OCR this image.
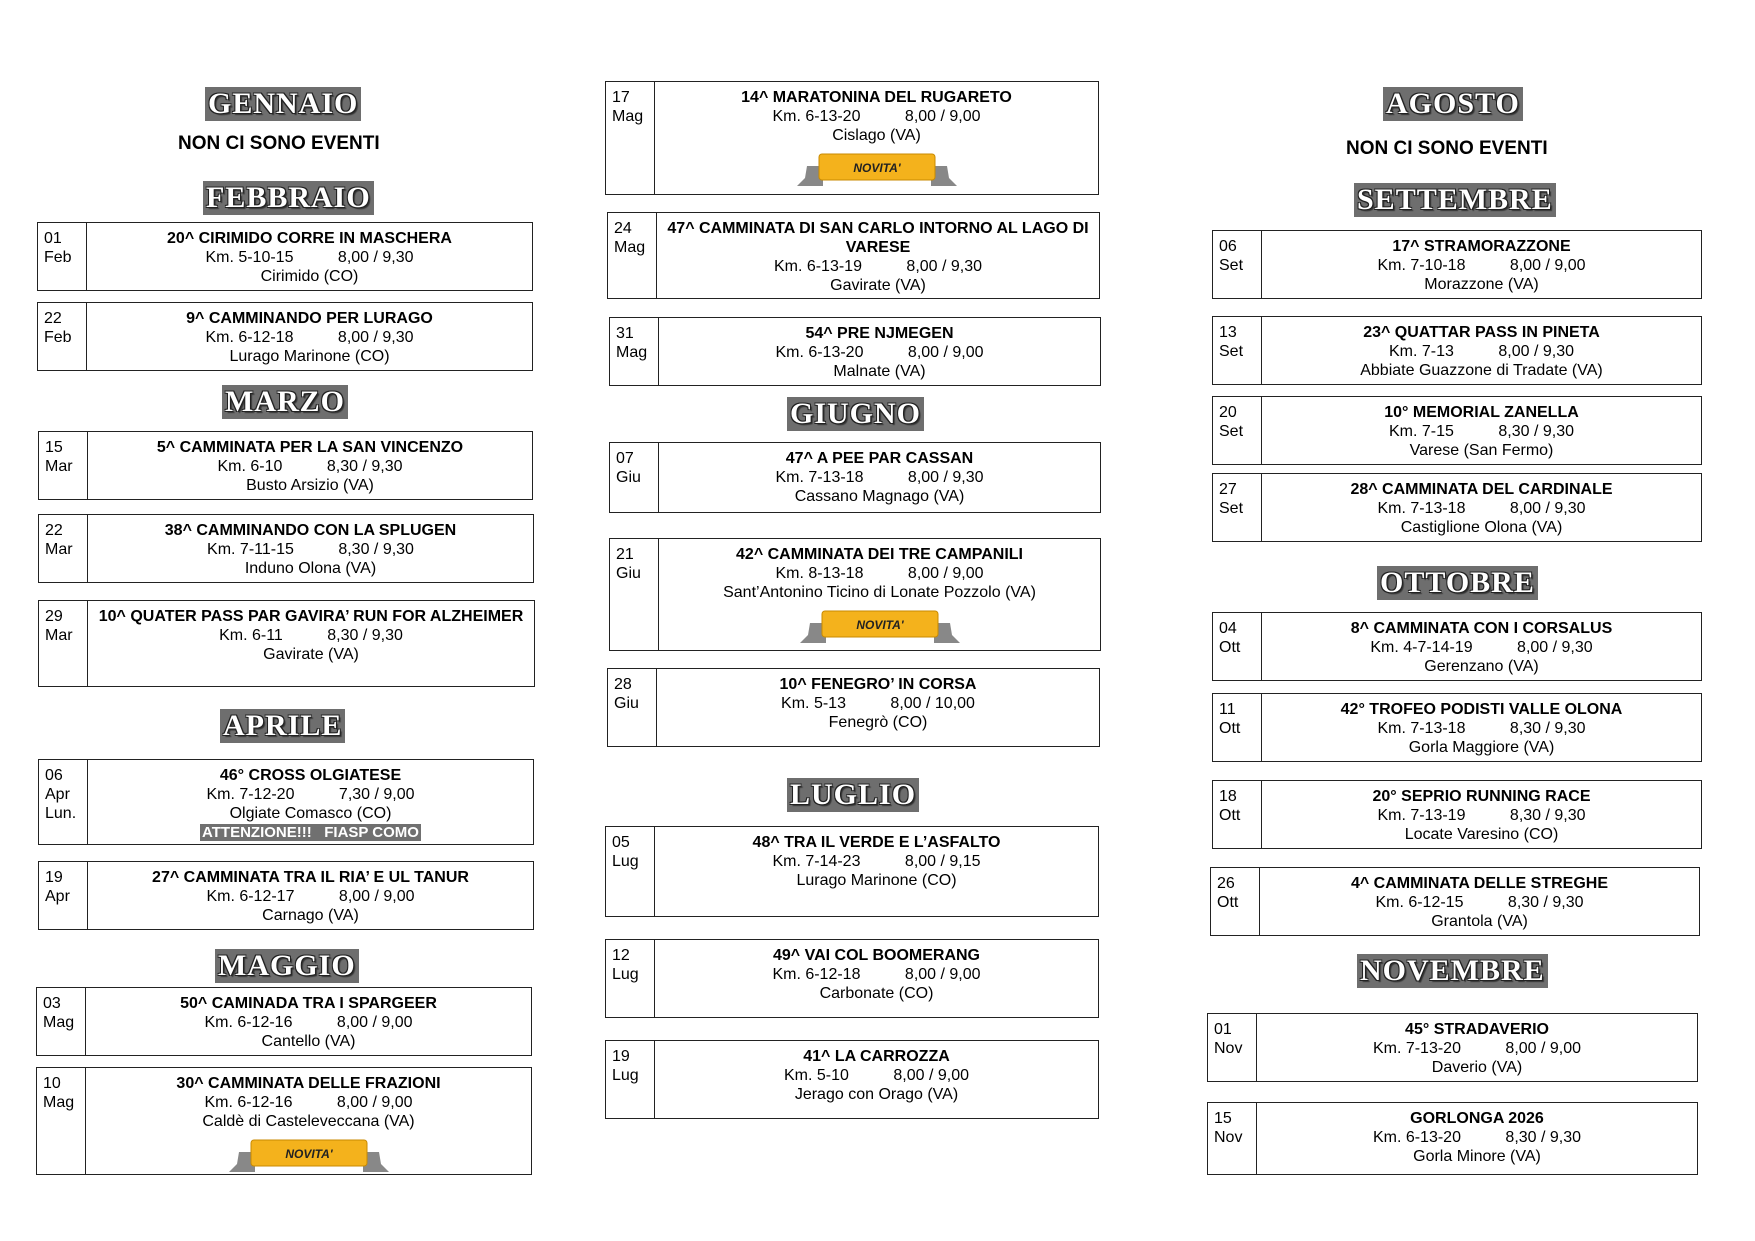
GENNAIO
NON CI SONO EVENTI
FEBBRAIO
01
Feb
20^ CIRIMIDO CORRE IN MASCHERA
Km. 5-10-15          8,00 / 9,30
Cirimido (CO)
22
Feb
9^ CAMMINANDO PER LURAGO
Km. 6-12-18          8,00 / 9,30
Lurago Marinone (CO)
MARZO
15
Mar
5^ CAMMINATA PER LA SAN VINCENZO
Km. 6-10          8,30 / 9,30
Busto Arsizio (VA)
22
Mar
38^ CAMMINANDO CON LA SPLUGEN
Km. 7-11-15          8,30 / 9,30
Induno Olona (VA)
29
Mar
10^ QUATER PASS PAR GAVIRA’ RUN FOR ALZHEIMER
Km. 6-11          8,30 / 9,30
Gavirate (VA)
APRILE
06
Apr
Lun.
46° CROSS OLGIATESE
Km. 7-12-20          7,30 / 9,00
Olgiate Comasco (CO)
ATTENZIONE!!!   FIASP COMO
19
Apr
27^ CAMMINATA TRA IL RIA’ E UL TANUR
Km. 6-12-17          8,00 / 9,00
Carnago (VA)
MAGGIO
03
Mag
50^ CAMINADA TRA I SPARGEER
Km. 6-12-16          8,00 / 9,00
Cantello (VA)
10
Mag
30^ CAMMINATA DELLE FRAZIONI
Km. 6-12-16          8,00 / 9,00
Caldè di Casteleveccana (VA)
NOVITA'
17
Mag
14^ MARATONINA DEL RUGARETO
Km. 6-13-20          8,00 / 9,00
Cislago (VA)
NOVITA'
24
Mag
47^ CAMMINATA DI SAN CARLO INTORNO AL LAGO DI VARESE
Km. 6-13-19          8,00 / 9,30
Gavirate (VA)
31
Mag
54^ PRE NJMEGEN
Km. 6-13-20          8,00 / 9,00
Malnate (VA)
GIUGNO
07
Giu
47^ A PEE PAR CASSAN
Km. 7-13-18          8,00 / 9,30
Cassano Magnago (VA)
21
Giu
42^ CAMMINATA DEI TRE CAMPANILI
Km. 8-13-18          8,00 / 9,00
Sant’Antonino Ticino di Lonate Pozzolo (VA)
NOVITA'
28
Giu
10^ FENEGRO’ IN CORSA
Km. 5-13          8,00 / 10,00
Fenegrò (CO)
LUGLIO
05
Lug
48^ TRA IL VERDE E L’ASFALTO
Km. 7-14-23          8,00 / 9,15
Lurago Marinone (CO)
12
Lug
49^ VAI COL BOOMERANG
Km. 6-12-18          8,00 / 9,00
Carbonate (CO)
19
Lug
41^ LA CARROZZA
Km. 5-10          8,00 / 9,00
Jerago con Orago (VA)
AGOSTO
NON CI SONO EVENTI
SETTEMBRE
06
Set
17^ STRAMORAZZONE
Km. 7-10-18          8,00 / 9,00
Morazzone (VA)
13
Set
23^ QUATTAR PASS IN PINETA
Km. 7-13          8,00 / 9,30
Abbiate Guazzone di Tradate (VA)
20
Set
10° MEMORIAL ZANELLA
Km. 7-15          8,30 / 9,30
Varese (San Fermo)
27
Set
28^ CAMMINATA DEL CARDINALE
Km. 7-13-18          8,00 / 9,30
Castiglione Olona (VA)
OTTOBRE
04
Ott
8^ CAMMINATA CON I CORSALUS
Km. 4-7-14-19          8,00 / 9,30
Gerenzano (VA)
11
Ott
42° TROFEO PODISTI VALLE OLONA
Km. 7-13-18          8,30 / 9,30
Gorla Maggiore (VA)
18
Ott
20° SEPRIO RUNNING RACE
Km. 7-13-19          8,30 / 9,30
Locate Varesino (CO)
26
Ott
4^ CAMMINATA DELLE STREGHE
Km. 6-12-15          8,30 / 9,30
Grantola (VA)
NOVEMBRE
01
Nov
45° STRADAVERIO
Km. 7-13-20          8,00 / 9,00
Daverio (VA)
15
Nov
GORLONGA 2026
Km. 6-13-20          8,30 / 9,30
Gorla Minore (VA)
